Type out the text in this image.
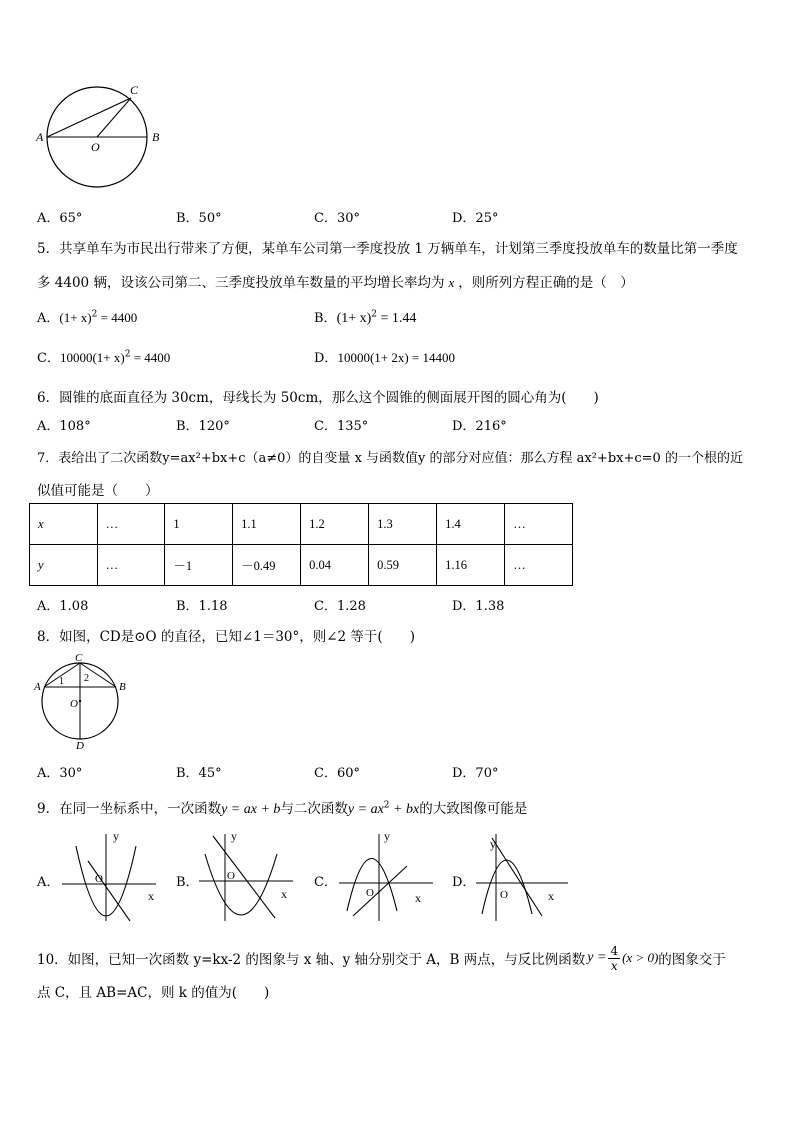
A	B
C
O
A．65°	B．50°	C．30°	D．25°
5．共享单车为市民出行带来了方便，某单车公司第一季度投放 1 万辆单车，计划第三季度投放单车的数量比第一季度
多 4400 辆，设该公司第二、三季度投放单车数量的平均增长率均为 x ，则所列方程正确的是（　）
A．$(1+ x)^2 = 4400$	B．$(1+ x)^2 = 1.44$
C．$10000(1+ x)^2 = 4400$	D．10000(1+ 2x) = 14400
6．圆锥的底面直径为 30cm，母线长为 50cm，那么这个圆锥的侧面展开图的圆心角为(　　)
A．108°	B．120°	C．135°	D．216°
7．表给出了二次函数y=ax²+bx+c（a≠0）的自变量 x 与函数值y 的部分对应值：那么方程 ax²+bx+c=0 的一个根的近
似值可能是（　　）
x	…	1	1.1	1.2	1.3	1.4	…
y	…	－1	－0.49	0.04	0.59	1.16	…
A．1.08	B．1.18	C．1.28	D．1.38
8．如图，CD是⊙O 的直径，已知∠1＝30°，则∠2 等于(　　)
C
A	B
O
D
1 2
A．30°	B．45°	C．60°	D．70°
9．在同一坐标系中，一次函数y = ax + b与二次函数$y = ax^2$ + bx的大致图像可能是
A．
y
x
O	B．
y
x
O	C．
y
x
O
D．
y
x
O
10．如图，已知一次函数 y=kx-2 的图象与 x 轴、y 轴分别交于 A，B 两点，与反比例函数 $y = \frac{4}{x} (x > 0)$ 的图象交于
点 C，且 AB=AC，则 k 的值为(　　)
